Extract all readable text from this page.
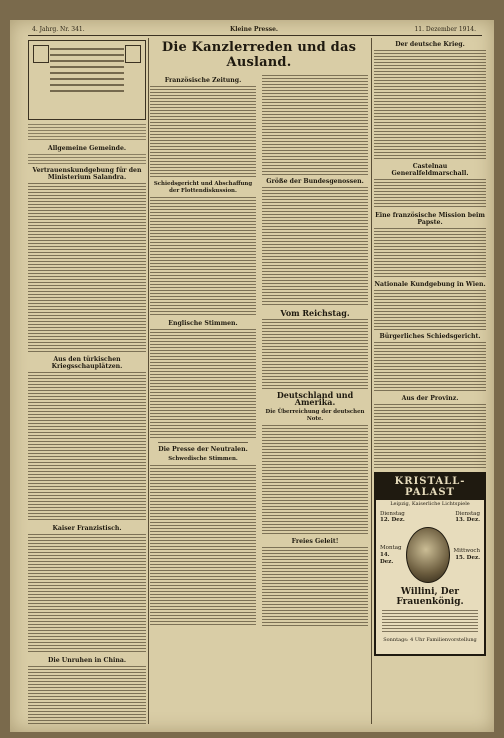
4. Jahrg. Nr. 341.	Kleine Presse.	11. Dezember 1914.
Allgemeine Gemeinde.
Vertrauenskundgebung für den Ministerium Salandra.
Aus den türkischen Kriegsschauplätzen.
Kaiser Franzistisch.
Die Unruhen in China.
Die Kanzlerreden und das Ausland.
Französische Zeitung.
Schiedsgericht und Abschaffung der Flottendiskussion.
Englische Stimmen.
Die Presse der Neutralen.
Schwedische Stimmen.
Größe der Bundesgenossen.
Vom Reichstag.
Deutschland und Amerika.
Die Überreichung der deutschen Note.
Freies Geleit!
Der deutsche Krieg.
Castelnau Generalfeldmarschall.
Eine französische Mission beim Papste.
Nationale Kundgebung in Wien.
Bürgerliches Schiedsgericht.
Aus der Provinz.
KRISTALL-PALAST
Leipzig, Kaiserliche Lichtspiele
Dienstag
12. Dez.
Dienstag
13. Dez.
Montag
14. Dez.
Mittwoch
15. Dez.
Willini, Der Frauenkönig.
Sonntags: 4 Uhr Familienvorstellung
